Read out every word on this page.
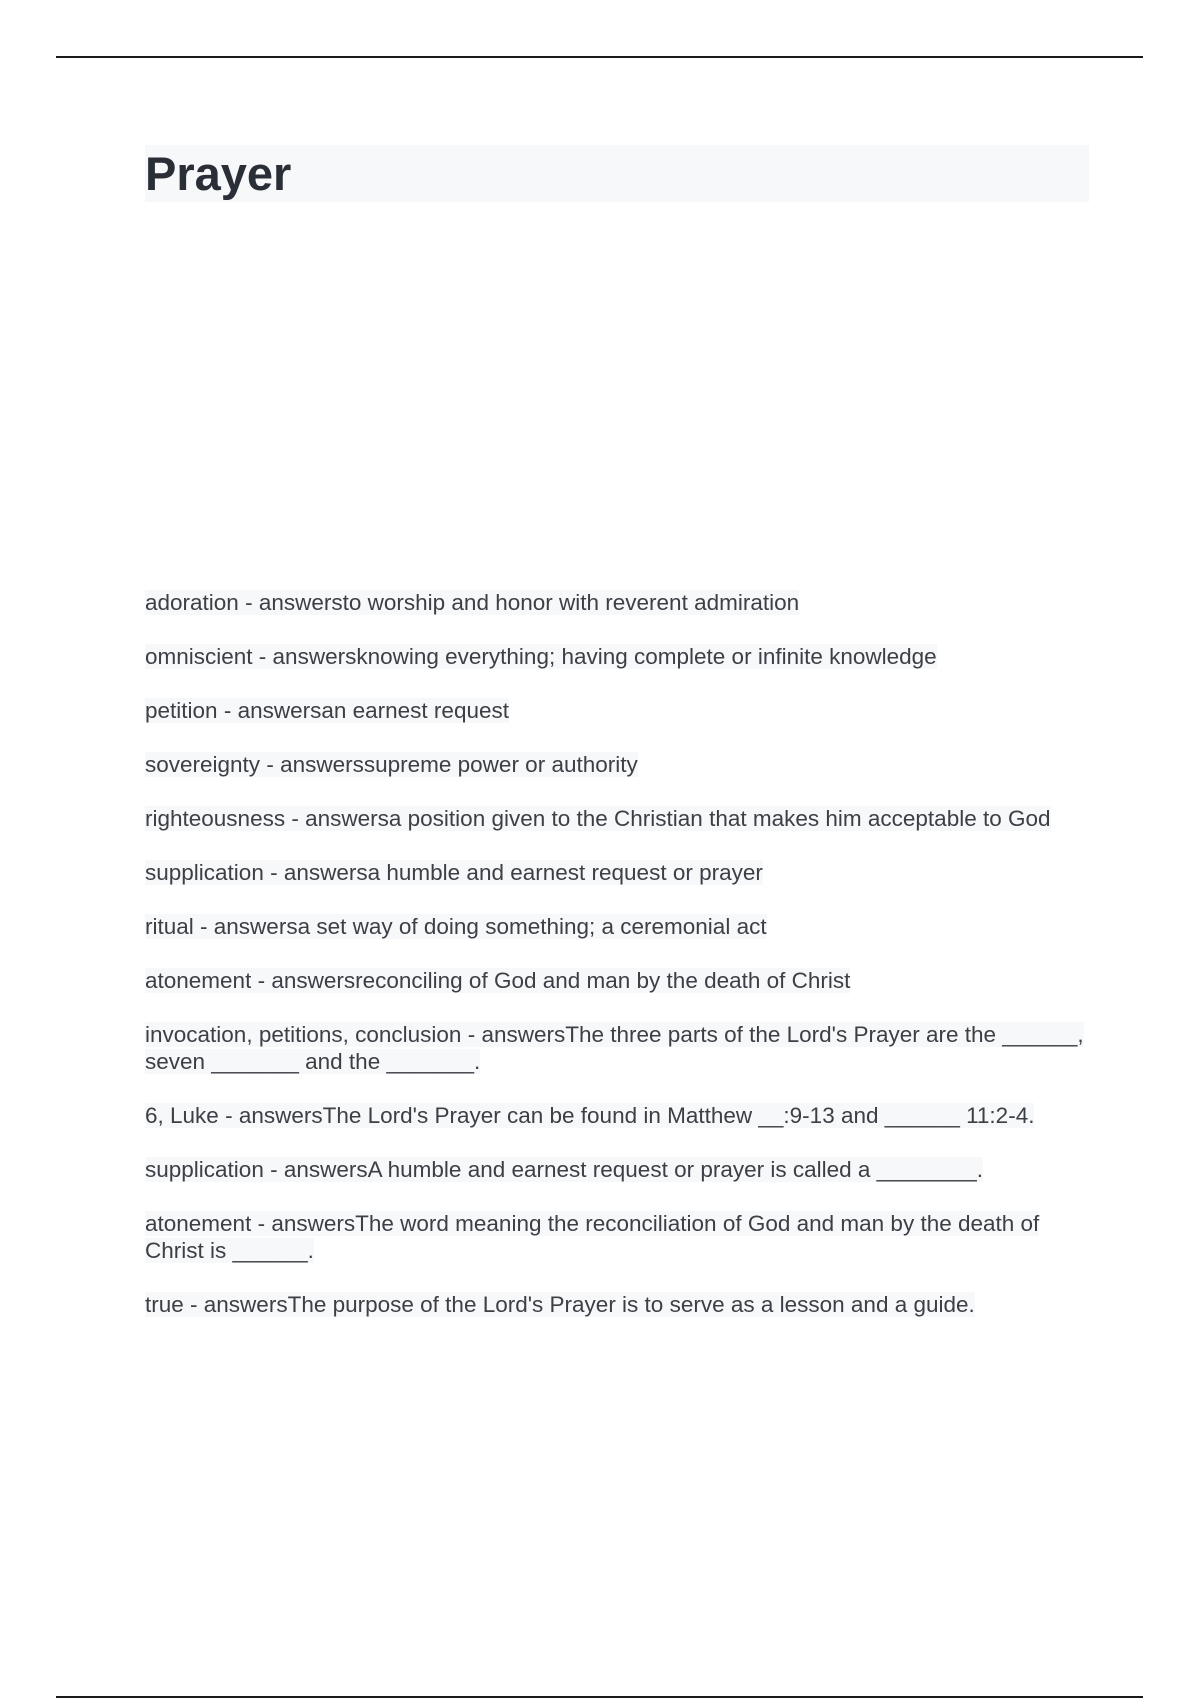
Prayer
adoration - answersto worship and honor with reverent admiration
omniscient - answersknowing everything; having complete or infinite knowledge
petition - answersan earnest request
sovereignty - answerssupreme power or authority
righteousness - answersa position given to the Christian that makes him acceptable to God
supplication - answersa humble and earnest request or prayer
ritual - answersa set way of doing something; a ceremonial act
atonement - answersreconciling of God and man by the death of Christ
invocation, petitions, conclusion - answersThe three parts of the Lord's Prayer are the ______, seven _______ and the _______.
6, Luke - answersThe Lord's Prayer can be found in Matthew __:9-13 and ______ 11:2-4.
supplication - answersA humble and earnest request or prayer is called a ________.
atonement - answersThe word meaning the reconciliation of God and man by the death of Christ is ______.
true - answersThe purpose of the Lord's Prayer is to serve as a lesson and a guide.
